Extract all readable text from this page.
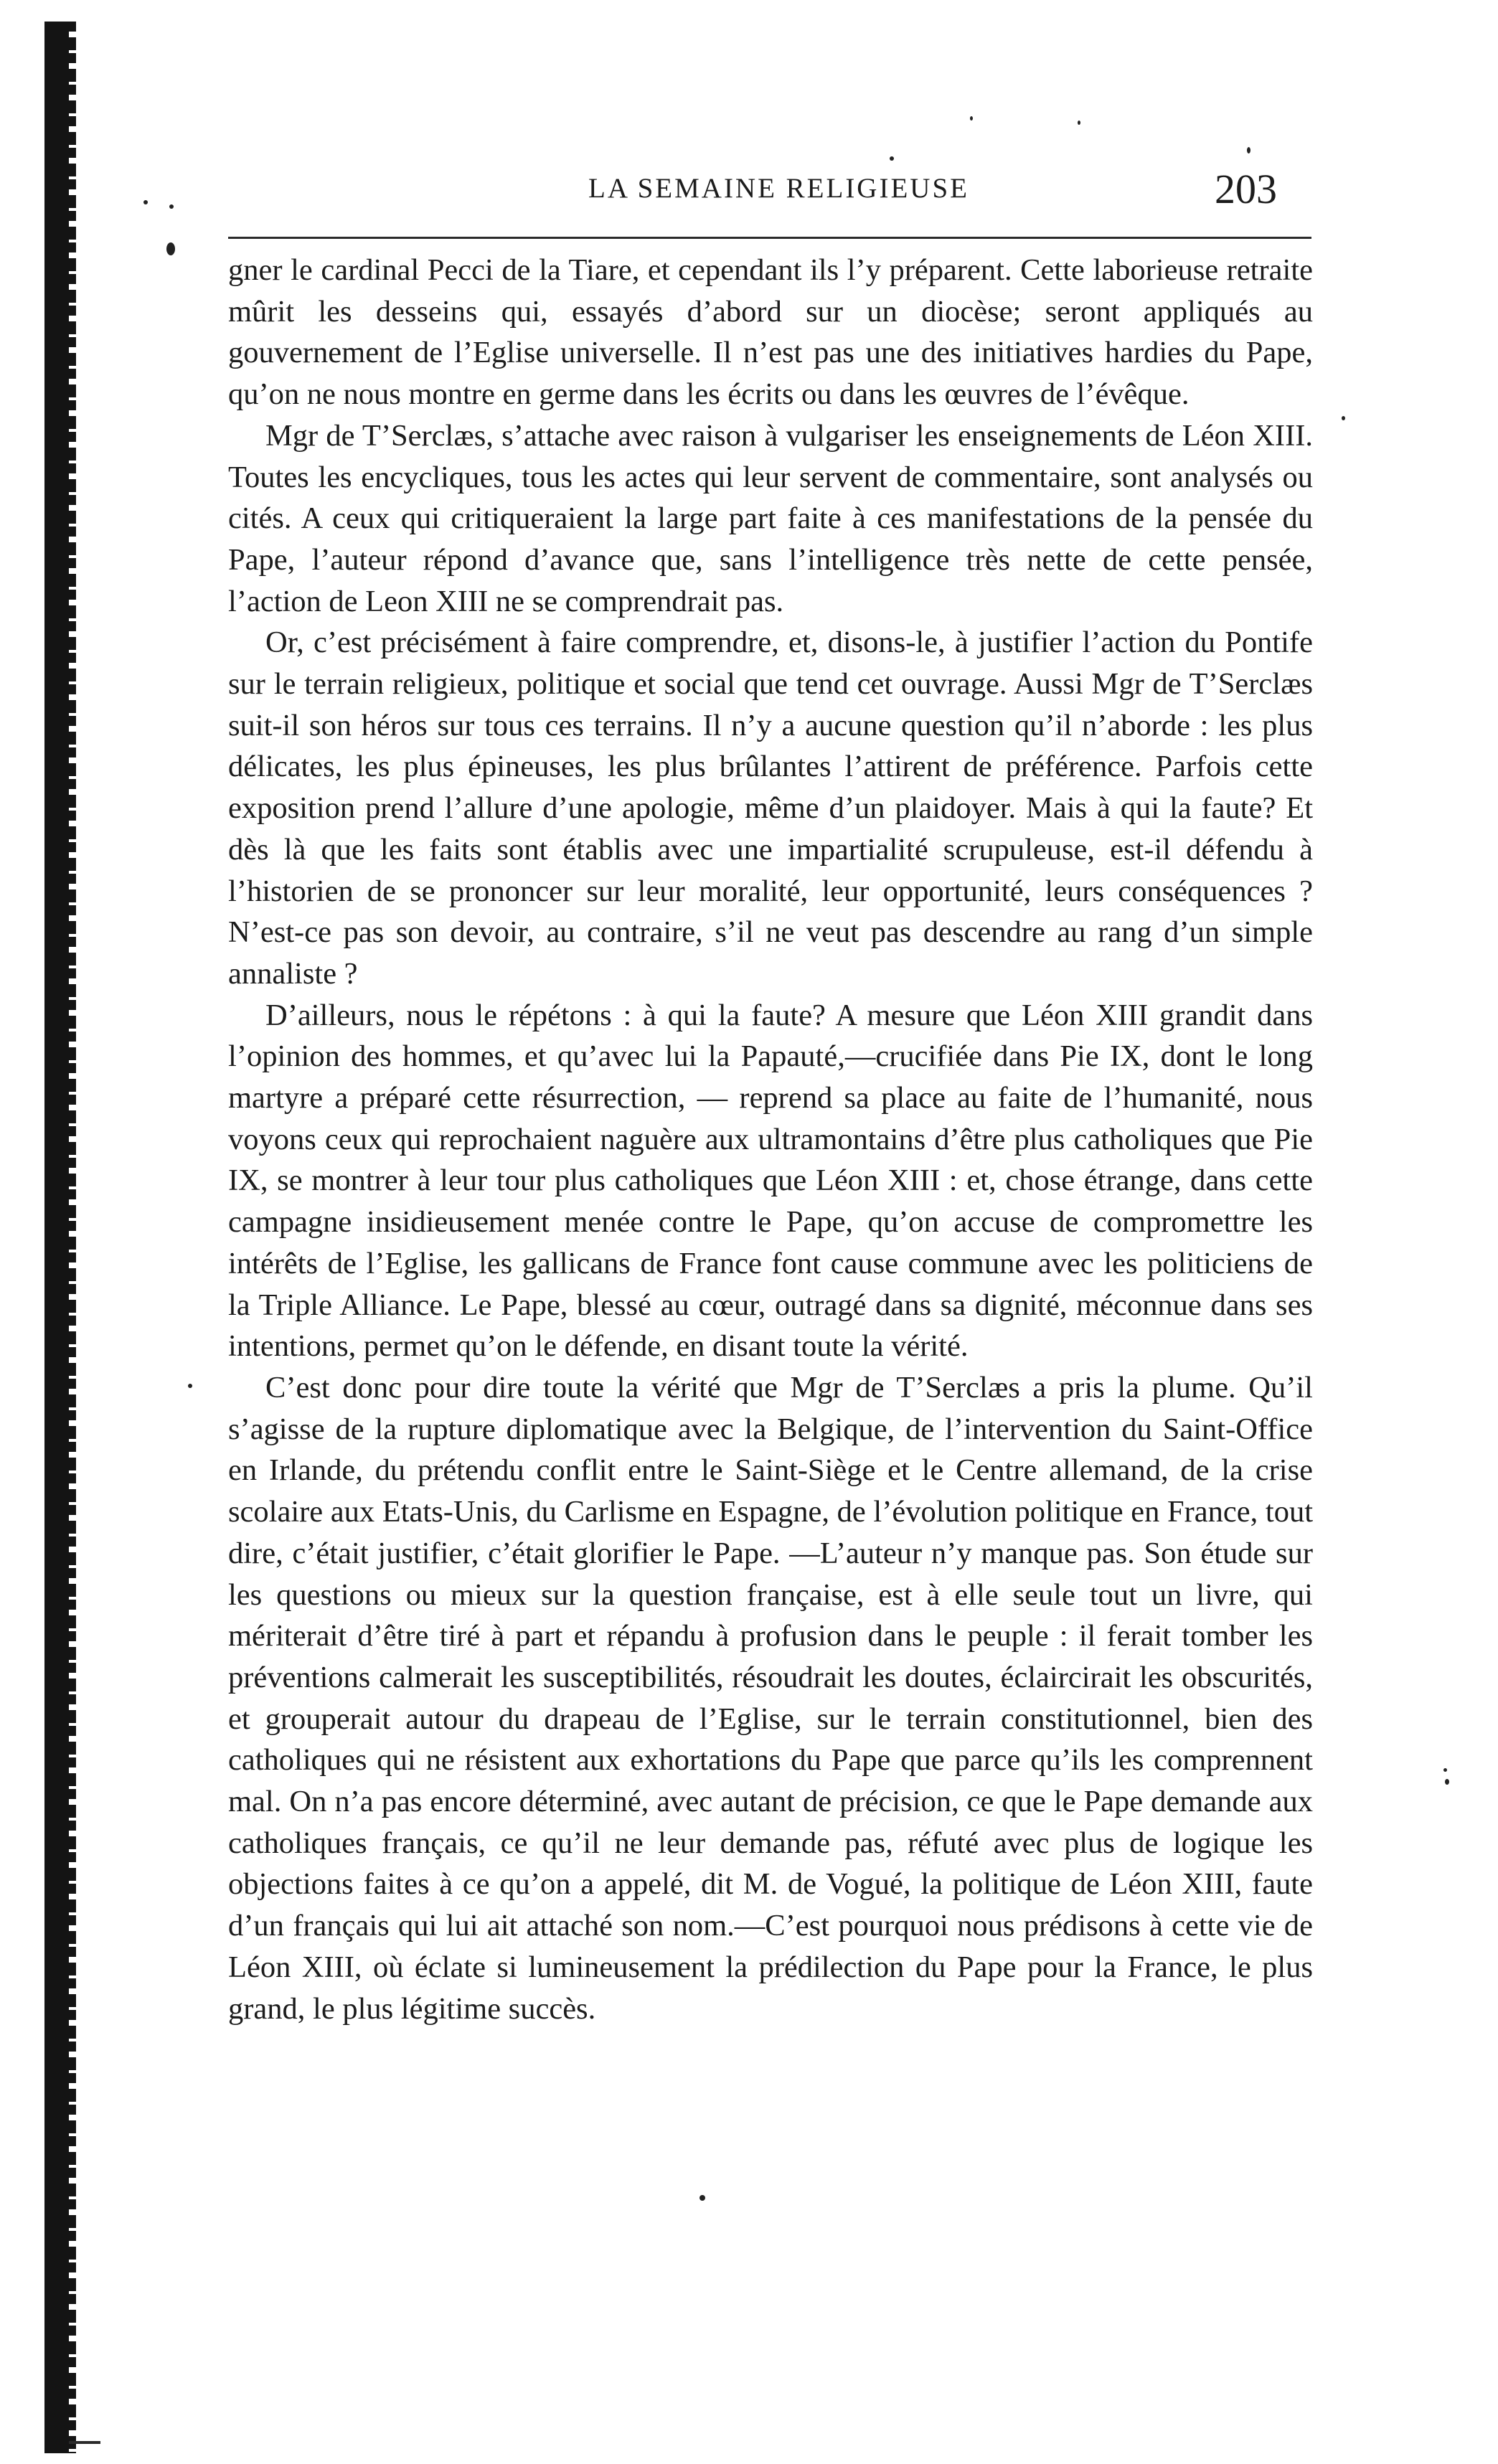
LA SEMAINE RELIGIEUSE	203

gner le cardinal Pecci de la Tiare, et cependant ils l’y préparent. Cette laborieuse retraite mûrit les desseins qui, essayés d’abord sur un diocèse; seront appliqués au gouvernement de l’Eglise universelle. Il n’est pas une des initiatives hardies du Pape, qu’on ne nous montre en germe dans les écrits ou dans les œuvres de l’évêque.

Mgr de T’Serclæs, s’attache avec raison à vulgariser les enseignements de Léon XIII. Toutes les encycliques, tous les actes qui leur servent de commentaire, sont analysés ou cités. A ceux qui critiqueraient la large part faite à ces manifestations de la pensée du Pape, l’auteur répond d’avance que, sans l’intelligence très nette de cette pensée, l’action de Leon XIII ne se comprendrait pas.

Or, c’est précisément à faire comprendre, et, disons-le, à justifier l’action du Pontife sur le terrain religieux, politique et social que tend cet ouvrage. Aussi Mgr de T’Serclæs suit-il son héros sur tous ces terrains. Il n’y a aucune question qu’il n’aborde : les plus délicates, les plus épineuses, les plus brûlantes l’attirent de préférence. Parfois cette exposition prend l’allure d’une apologie, même d’un plaidoyer. Mais à qui la faute? Et dès là que les faits sont établis avec une impartialité scrupuleuse, est-il défendu à l’historien de se prononcer sur leur moralité, leur opportunité, leurs conséquences ? N’est-ce pas son devoir, au contraire, s’il ne veut pas descendre au rang d’un simple annaliste ?

D’ailleurs, nous le répétons : à qui la faute? A mesure que Léon XIII grandit dans l’opinion des hommes, et qu’avec lui la Papauté,—crucifiée dans Pie IX, dont le long martyre a préparé cette résurrection, — reprend sa place au faite de l’humanité, nous voyons ceux qui reprochaient naguère aux ultramontains d’être plus catholiques que Pie IX, se montrer à leur tour plus catholiques que Léon XIII : et, chose étrange, dans cette campagne insidieusement menée contre le Pape, qu’on accuse de compromettre les intérêts de l’Eglise, les gallicans de France font cause commune avec les politiciens de la Triple Alliance. Le Pape, blessé au cœur, outragé dans sa dignité, méconnue dans ses intentions, permet qu’on le défende, en disant toute la vérité.

C’est donc pour dire toute la vérité que Mgr de T’Serclæs a pris la plume. Qu’il s’agisse de la rupture diplomatique avec la Belgique, de l’intervention du Saint-Office en Irlande, du prétendu conflit entre le Saint-Siège et le Centre allemand, de la crise scolaire aux Etats-Unis, du Carlisme en Espagne, de l’évolution politique en France, tout dire, c’était justifier, c’était glorifier le Pape. —L’auteur n’y manque pas. Son étude sur les questions ou mieux sur la question française, est à elle seule tout un livre, qui mériterait d’être tiré à part et répandu à profusion dans le peuple : il ferait tomber les préventions calmerait les susceptibilités, résoudrait les doutes, éclaircirait les obscurités, et grouperait autour du drapeau de l’Eglise, sur le terrain constitutionnel, bien des catholiques qui ne résistent aux exhortations du Pape que parce qu’ils les comprennent mal. On n’a pas encore déterminé, avec autant de précision, ce que le Pape demande aux catholiques français, ce qu’il ne leur demande pas, réfuté avec plus de logique les objections faites à ce qu’on a appelé, dit M. de Vogué, la politique de Léon XIII, faute d’un français qui lui ait attaché son nom.—C’est pourquoi nous prédisons à cette vie de Léon XIII, où éclate si lumineusement la prédilection du Pape pour la France, le plus grand, le plus légitime succès.
